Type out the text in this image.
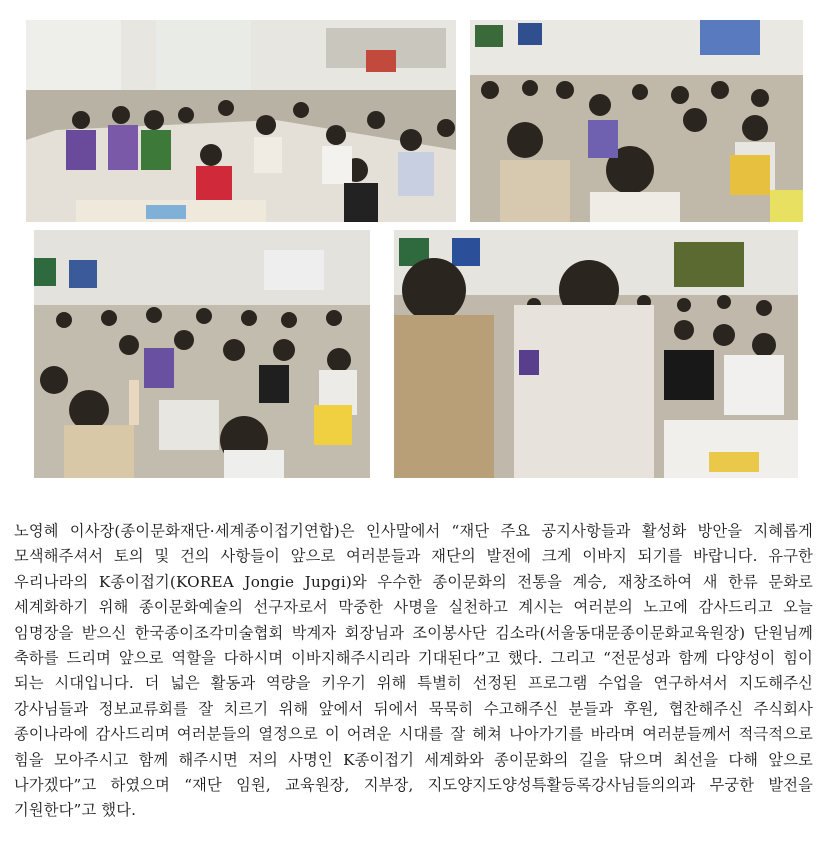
노영혜 이사장(종이문화재단·세계종이접기연합)은 인사말에서 “재단 주요 공지사항들과 활성화 방안을 지혜롭게 모색해주셔서 토의 및 건의 사항들이 앞으로 여러분들과 재단의 발전에 크게 이바지 되기를 바랍니다. 유구한 우리나라의 K종이접기(KOREA Jongie Jupgi)와 우수한 종이문화의 전통을 계승, 재창조하여 새 한류 문화로 세계화하기 위해 종이문화예술의 선구자로서 막중한 사명을 실천하고 계시는 여러분의 노고에 감사드리고 오늘 임명장을 받으신 한국종이조각미술협회 박계자 회장님과 조이봉사단 김소라(서울동대문종이문화교육원장) 단원님께 축하를 드리며 앞으로 역할을 다하시며 이바지해주시리라 기대된다”고 했다. 그리고 “전문성과 함께 다양성이 힘이 되는 시대입니다. 더 넓은 활동과 역량을 키우기 위해 특별히 선정된 프로그램 수업을 연구하셔서 지도해주신 강사님들과 정보교류회를 잘 치르기 위해 앞에서 뒤에서 묵묵히 수고해주신 분들과 후원, 협찬해주신 주식회사 종이나라에 감사드리며 여러분들의 열정으로 이 어려운 시대를 잘 헤쳐 나아가기를 바라며 여러분들께서 적극적으로 힘을 모아주시고 함께 해주시면 저의 사명인 K종이접기 세계화와 종이문화의 길을 닦으며 최선을 다해 앞으로 나가겠다”고 하였으며 “재단 임원, 교육원장, 지부장, 지도양지도양성특활등록강사님들의의과 무궁한 발전을 기원한다”고 했다.
